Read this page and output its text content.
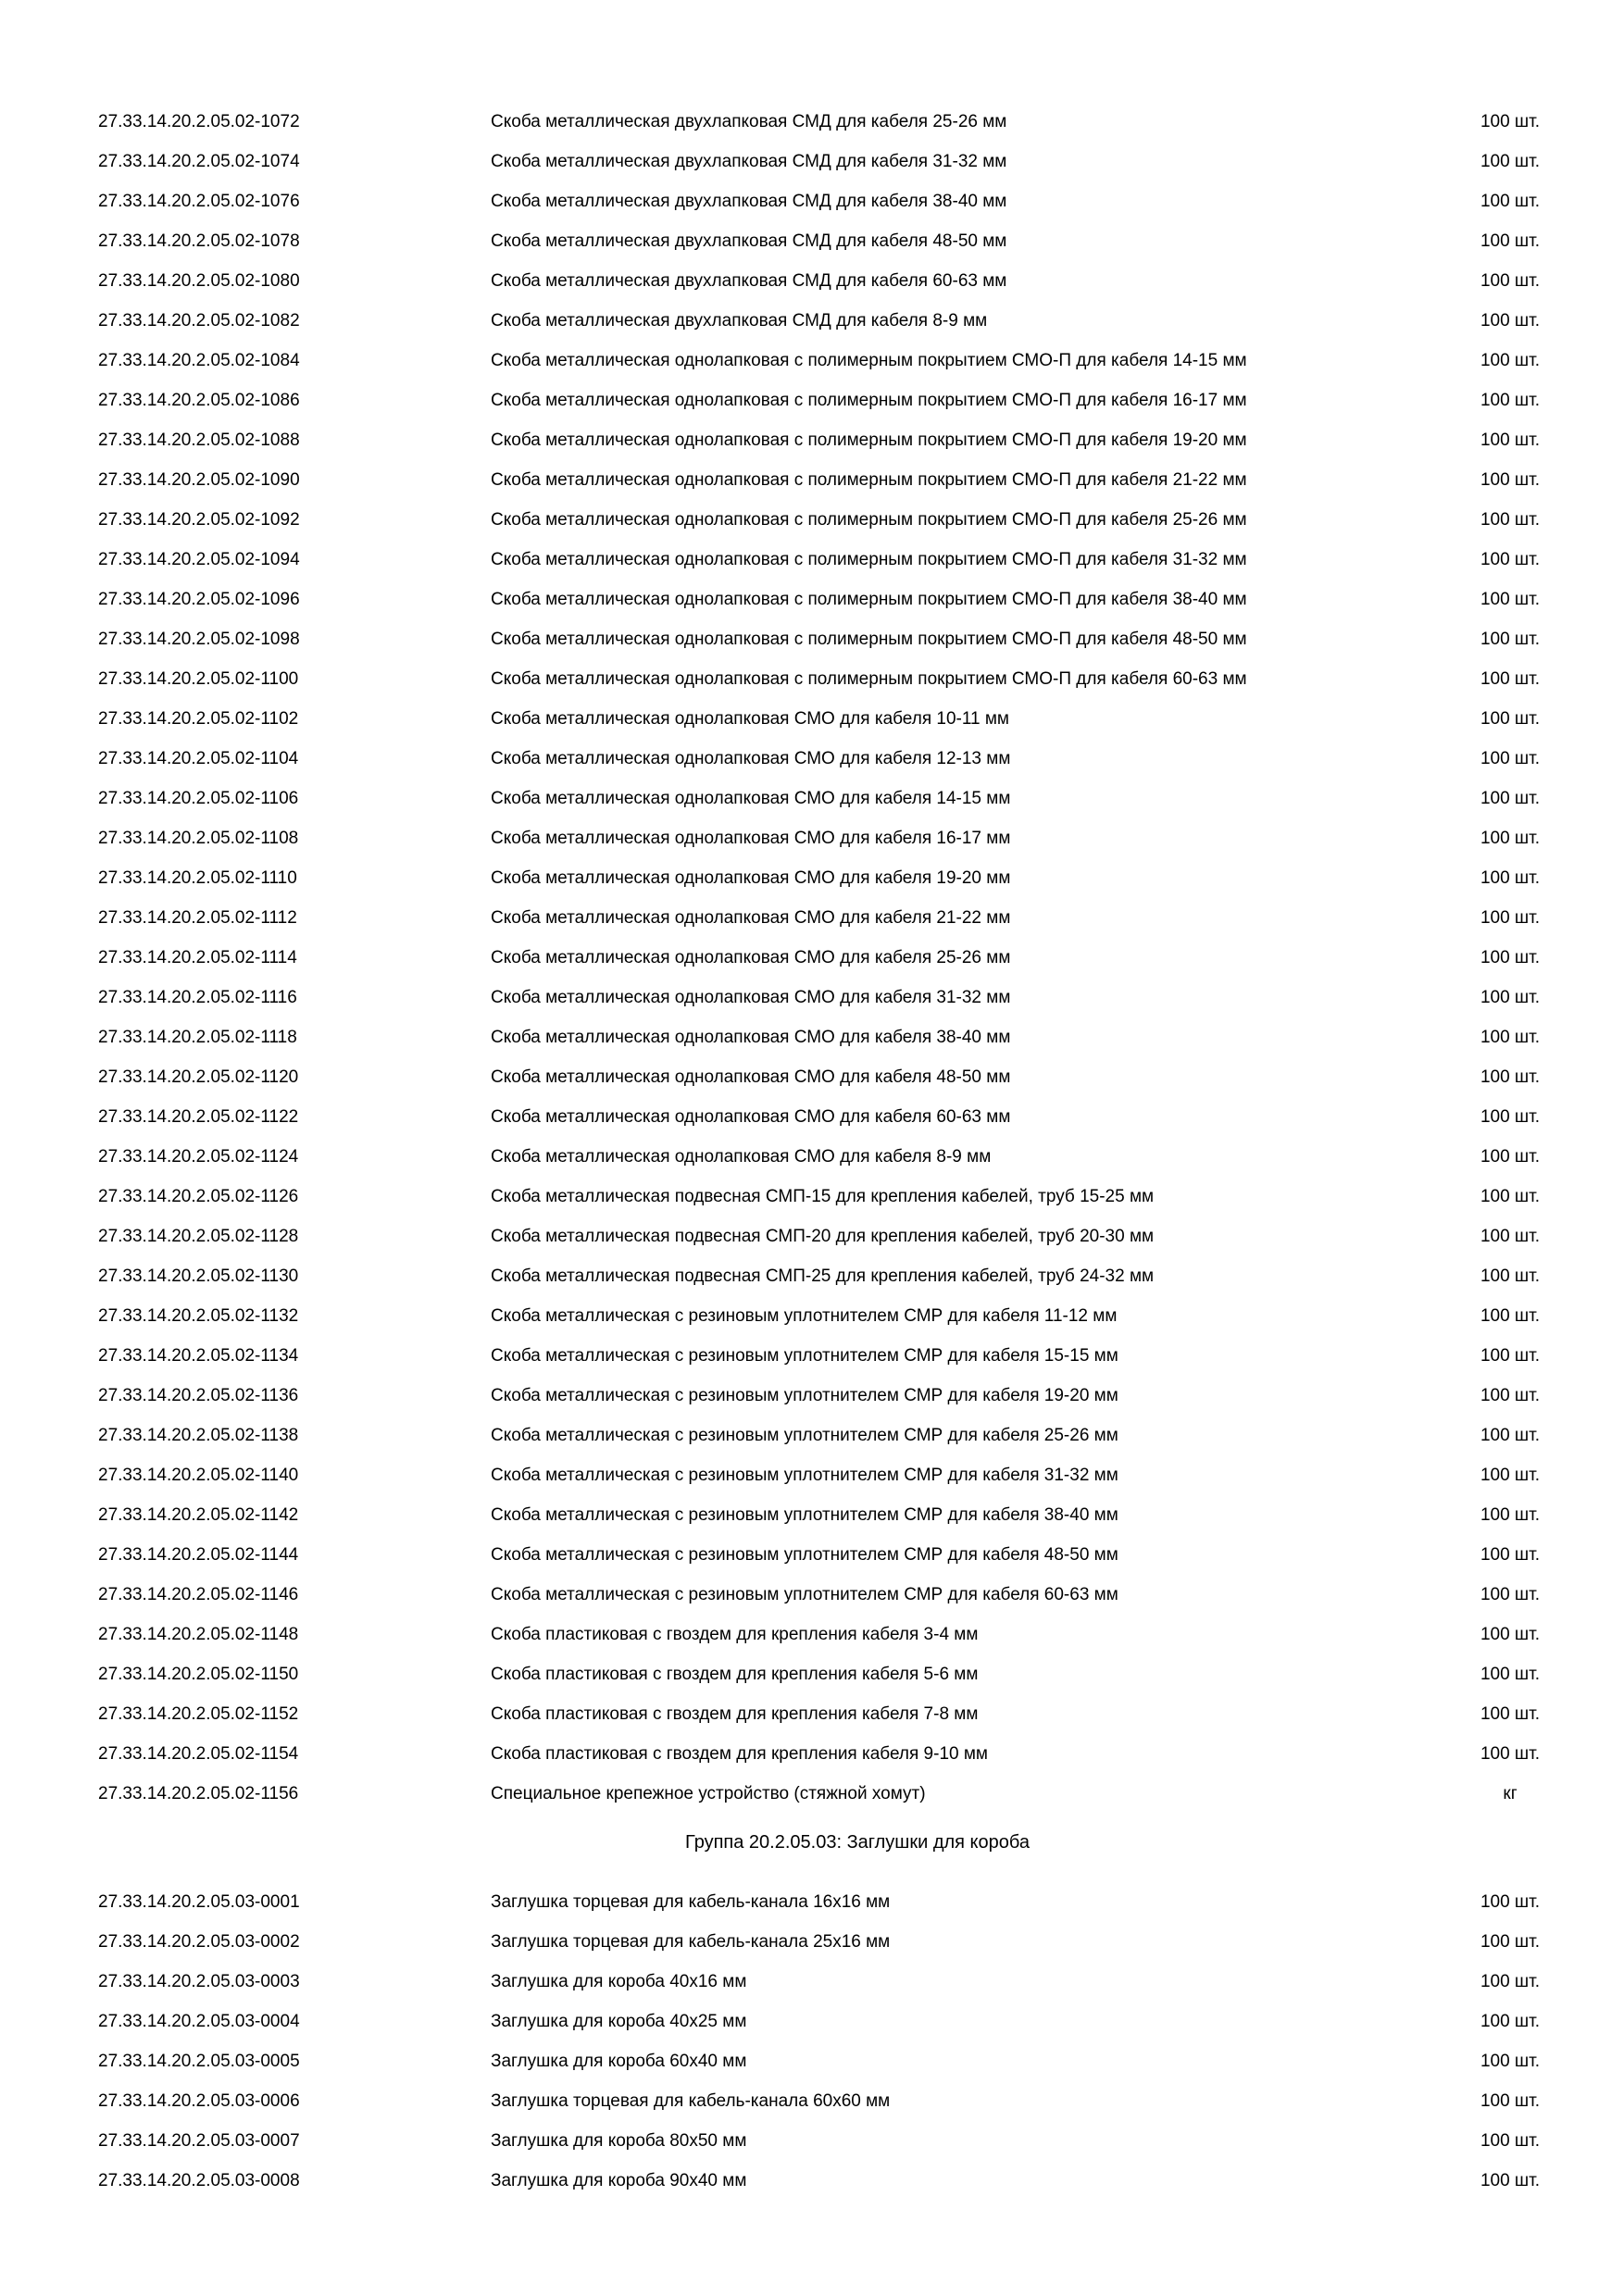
27.33.14.20.2.05.02-1072	Скоба металлическая двухлапковая СМД для кабеля 25-26 мм	100 шт.
27.33.14.20.2.05.02-1074	Скоба металлическая двухлапковая СМД для кабеля 31-32 мм	100 шт.
27.33.14.20.2.05.02-1076	Скоба металлическая двухлапковая СМД для кабеля 38-40 мм	100 шт.
27.33.14.20.2.05.02-1078	Скоба металлическая двухлапковая СМД для кабеля 48-50 мм	100 шт.
27.33.14.20.2.05.02-1080	Скоба металлическая двухлапковая СМД для кабеля 60-63 мм	100 шт.
27.33.14.20.2.05.02-1082	Скоба металлическая двухлапковая СМД для кабеля 8-9 мм	100 шт.
27.33.14.20.2.05.02-1084	Скоба металлическая однолапковая с полимерным покрытием СМО-П для кабеля 14-15 мм	100 шт.
27.33.14.20.2.05.02-1086	Скоба металлическая однолапковая с полимерным покрытием СМО-П для кабеля 16-17 мм	100 шт.
27.33.14.20.2.05.02-1088	Скоба металлическая однолапковая с полимерным покрытием СМО-П для кабеля 19-20 мм	100 шт.
27.33.14.20.2.05.02-1090	Скоба металлическая однолапковая с полимерным покрытием СМО-П для кабеля 21-22 мм	100 шт.
27.33.14.20.2.05.02-1092	Скоба металлическая однолапковая с полимерным покрытием СМО-П для кабеля 25-26 мм	100 шт.
27.33.14.20.2.05.02-1094	Скоба металлическая однолапковая с полимерным покрытием СМО-П для кабеля 31-32 мм	100 шт.
27.33.14.20.2.05.02-1096	Скоба металлическая однолапковая с полимерным покрытием СМО-П для кабеля 38-40 мм	100 шт.
27.33.14.20.2.05.02-1098	Скоба металлическая однолапковая с полимерным покрытием СМО-П для кабеля 48-50 мм	100 шт.
27.33.14.20.2.05.02-1100	Скоба металлическая однолапковая с полимерным покрытием СМО-П для кабеля 60-63 мм	100 шт.
27.33.14.20.2.05.02-1102	Скоба металлическая однолапковая СМО для кабеля 10-11 мм	100 шт.
27.33.14.20.2.05.02-1104	Скоба металлическая однолапковая СМО для кабеля 12-13 мм	100 шт.
27.33.14.20.2.05.02-1106	Скоба металлическая однолапковая СМО для кабеля 14-15 мм	100 шт.
27.33.14.20.2.05.02-1108	Скоба металлическая однолапковая СМО для кабеля 16-17 мм	100 шт.
27.33.14.20.2.05.02-1110	Скоба металлическая однолапковая СМО для кабеля 19-20 мм	100 шт.
27.33.14.20.2.05.02-1112	Скоба металлическая однолапковая СМО для кабеля 21-22 мм	100 шт.
27.33.14.20.2.05.02-1114	Скоба металлическая однолапковая СМО для кабеля 25-26 мм	100 шт.
27.33.14.20.2.05.02-1116	Скоба металлическая однолапковая СМО для кабеля 31-32 мм	100 шт.
27.33.14.20.2.05.02-1118	Скоба металлическая однолапковая СМО для кабеля 38-40 мм	100 шт.
27.33.14.20.2.05.02-1120	Скоба металлическая однолапковая СМО для кабеля 48-50 мм	100 шт.
27.33.14.20.2.05.02-1122	Скоба металлическая однолапковая СМО для кабеля 60-63 мм	100 шт.
27.33.14.20.2.05.02-1124	Скоба металлическая однолапковая СМО для кабеля 8-9 мм	100 шт.
27.33.14.20.2.05.02-1126	Скоба металлическая подвесная СМП-15 для крепления кабелей, труб 15-25 мм	100 шт.
27.33.14.20.2.05.02-1128	Скоба металлическая подвесная СМП-20 для крепления кабелей, труб 20-30 мм	100 шт.
27.33.14.20.2.05.02-1130	Скоба металлическая подвесная СМП-25 для крепления кабелей, труб 24-32 мм	100 шт.
27.33.14.20.2.05.02-1132	Скоба металлическая с резиновым уплотнителем СМР для кабеля 11-12 мм	100 шт.
27.33.14.20.2.05.02-1134	Скоба металлическая с резиновым уплотнителем СМР для кабеля 15-15 мм	100 шт.
27.33.14.20.2.05.02-1136	Скоба металлическая с резиновым уплотнителем СМР для кабеля 19-20 мм	100 шт.
27.33.14.20.2.05.02-1138	Скоба металлическая с резиновым уплотнителем СМР для кабеля 25-26 мм	100 шт.
27.33.14.20.2.05.02-1140	Скоба металлическая с резиновым уплотнителем СМР для кабеля 31-32 мм	100 шт.
27.33.14.20.2.05.02-1142	Скоба металлическая с резиновым уплотнителем СМР для кабеля 38-40 мм	100 шт.
27.33.14.20.2.05.02-1144	Скоба металлическая с резиновым уплотнителем СМР для кабеля 48-50 мм	100 шт.
27.33.14.20.2.05.02-1146	Скоба металлическая с резиновым уплотнителем СМР для кабеля 60-63 мм	100 шт.
27.33.14.20.2.05.02-1148	Скоба пластиковая с гвоздем для крепления кабеля 3-4 мм	100 шт.
27.33.14.20.2.05.02-1150	Скоба пластиковая с гвоздем для крепления кабеля 5-6 мм	100 шт.
27.33.14.20.2.05.02-1152	Скоба пластиковая с гвоздем для крепления кабеля 7-8 мм	100 шт.
27.33.14.20.2.05.02-1154	Скоба пластиковая с гвоздем для крепления кабеля 9-10 мм	100 шт.
27.33.14.20.2.05.02-1156	Специальное крепежное устройство (стяжной хомут)	кг
Группа 20.2.05.03: Заглушки для короба
27.33.14.20.2.05.03-0001	Заглушка торцевая для кабель-канала 16х16 мм	100 шт.
27.33.14.20.2.05.03-0002	Заглушка торцевая для кабель-канала 25х16 мм	100 шт.
27.33.14.20.2.05.03-0003	Заглушка для короба 40х16 мм	100 шт.
27.33.14.20.2.05.03-0004	Заглушка для короба 40х25 мм	100 шт.
27.33.14.20.2.05.03-0005	Заглушка для короба 60х40 мм	100 шт.
27.33.14.20.2.05.03-0006	Заглушка торцевая для кабель-канала 60х60 мм	100 шт.
27.33.14.20.2.05.03-0007	Заглушка для короба 80х50 мм	100 шт.
27.33.14.20.2.05.03-0008	Заглушка для короба 90х40 мм	100 шт.
